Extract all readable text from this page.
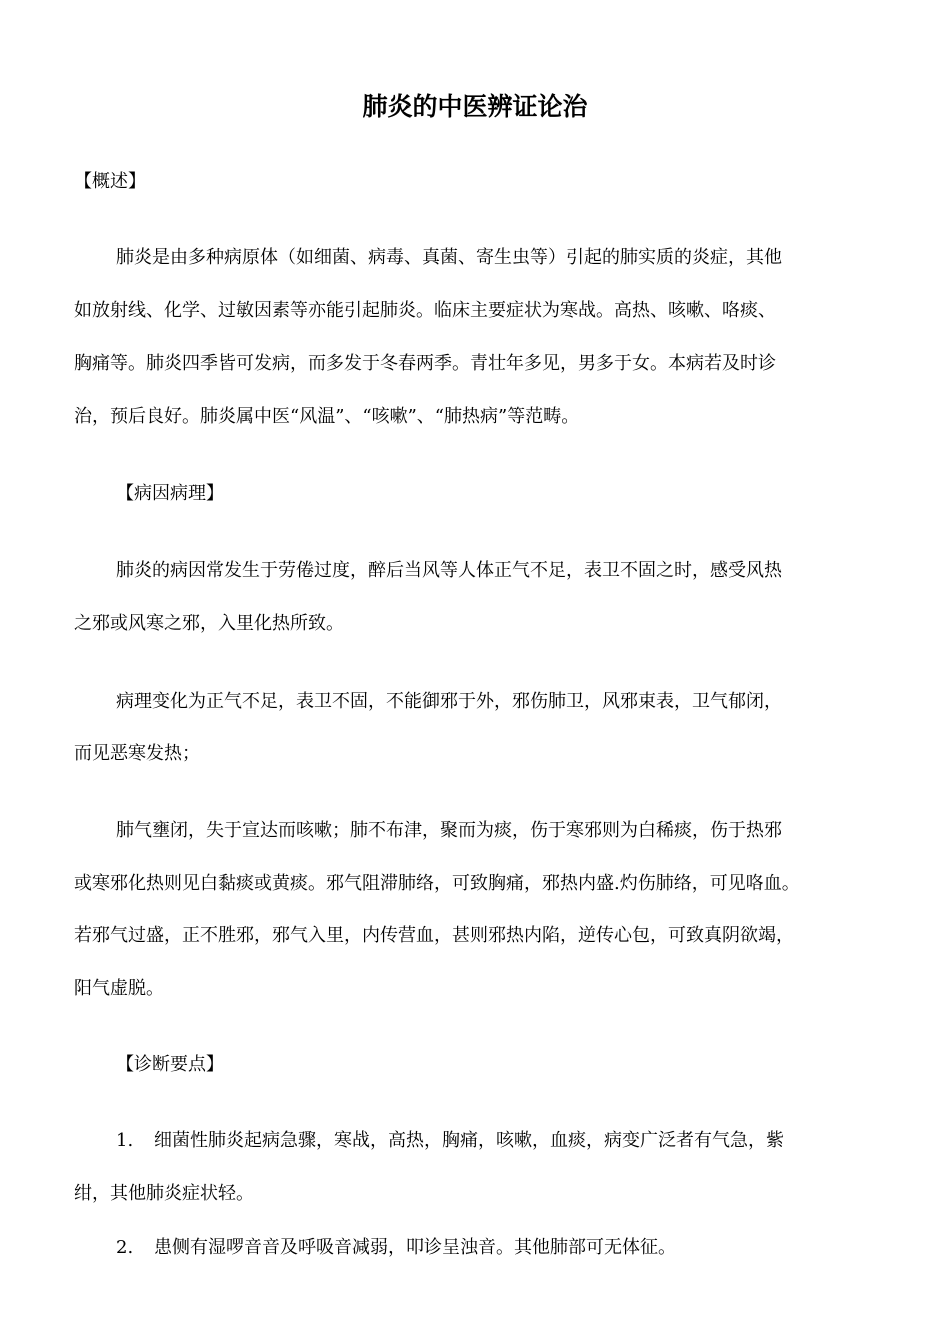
肺炎的中医辨证论治
【概述】
肺炎是由多种病原体（如细菌、病毒、真菌、寄生虫等）引起的肺实质的炎症，其他
如放射线、化学、过敏因素等亦能引起肺炎。临床主要症状为寒战。高热、咳嗽、咯痰、
胸痛等。肺炎四季皆可发病，而多发于冬春两季。青壮年多见，男多于女。本病若及时诊
治，预后良好。肺炎属中医“风温”、“咳嗽”、“肺热病”等范畴。
【病因病理】
肺炎的病因常发生于劳倦过度，醉后当风等人体正气不足，表卫不固之时，感受风热
之邪或风寒之邪，入里化热所致。
病理变化为正气不足，表卫不固，不能御邪于外，邪伤肺卫，风邪束表，卫气郁闭，
而见恶寒发热；
肺气壅闭，失于宣达而咳嗽；肺不布津，聚而为痰，伤于寒邪则为白稀痰，伤于热邪
或寒邪化热则见白黏痰或黄痰。邪气阻滞肺络，可致胸痛，邪热内盛.灼伤肺络，可见咯血。
若邪气过盛，正不胜邪，邪气入里，内传营血，甚则邪热内陷，逆传心包，可致真阴欲竭，
阳气虚脱。
【诊断要点】
1. 细菌性肺炎起病急骤，寒战，高热，胸痛，咳嗽，血痰，病变广泛者有气急，紫
绀，其他肺炎症状轻。
2. 患侧有湿啰音音及呼吸音减弱，叩诊呈浊音。其他肺部可无体征。
